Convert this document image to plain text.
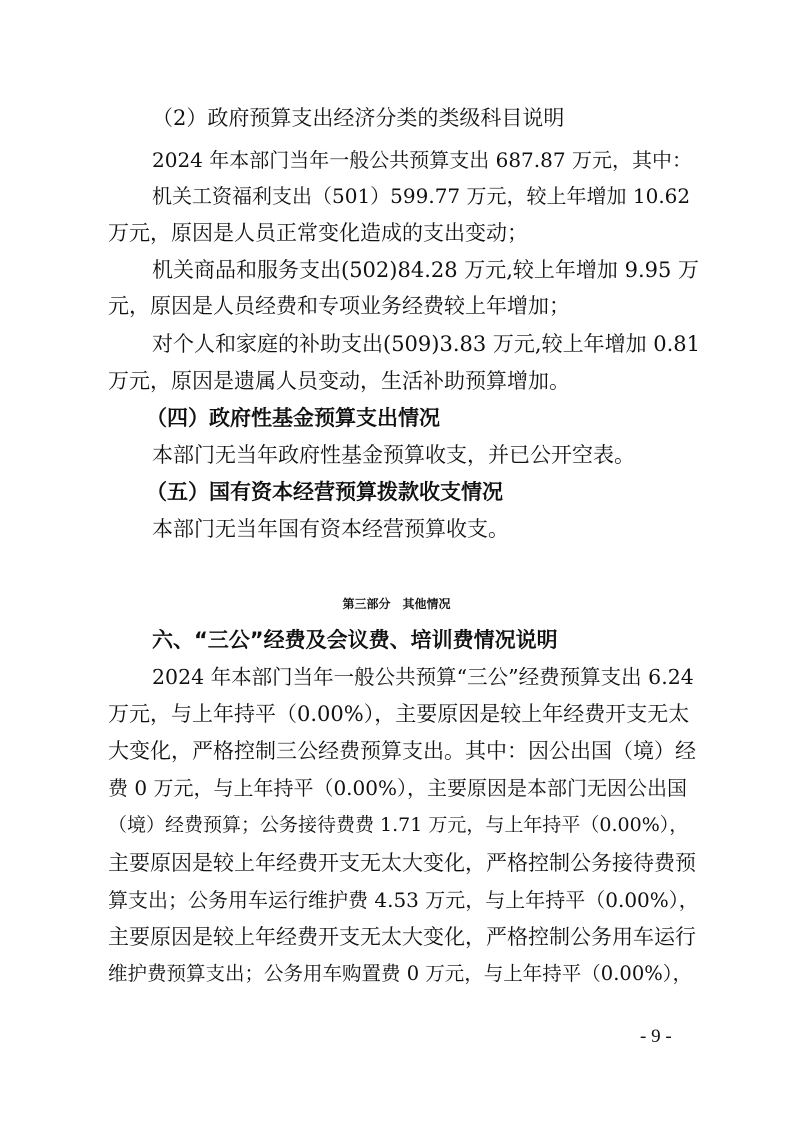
（2）政府预算支出经济分类的类级科目说明
2024 年本部门当年一般公共预算支出 687.87 万元，其中：
机关工资福利支出（501）599.77 万元，较上年增加 10.62
万元，原因是人员正常变化造成的支出变动；
机关商品和服务支出(502)84.28 万元,较上年增加 9.95 万
元，原因是人员经费和专项业务经费较上年增加；
对个人和家庭的补助支出(509)3.83 万元,较上年增加 0.81
万元，原因是遗属人员变动，生活补助预算增加。
（四）政府性基金预算支出情况
本部门无当年政府性基金预算收支，并已公开空表。
（五）国有资本经营预算拨款收支情况
本部门无当年国有资本经营预算收支。
第三部分　其他情况
六、“三公”经费及会议费、培训费情况说明
2024 年本部门当年一般公共预算“三公”经费预算支出 6.24
万元，与上年持平（0.00%），主要原因是较上年经费开支无太
大变化，严格控制三公经费预算支出。其中：因公出国（境）经
费 0 万元，与上年持平（0.00%），主要原因是本部门无因公出国
（境）经费预算；公务接待费费 1.71 万元，与上年持平（0.00%），
主要原因是较上年经费开支无太大变化，严格控制公务接待费预
算支出；公务用车运行维护费 4.53 万元，与上年持平（0.00%），
主要原因是较上年经费开支无太大变化，严格控制公务用车运行
维护费预算支出；公务用车购置费 0 万元，与上年持平（0.00%），
- 9 -
